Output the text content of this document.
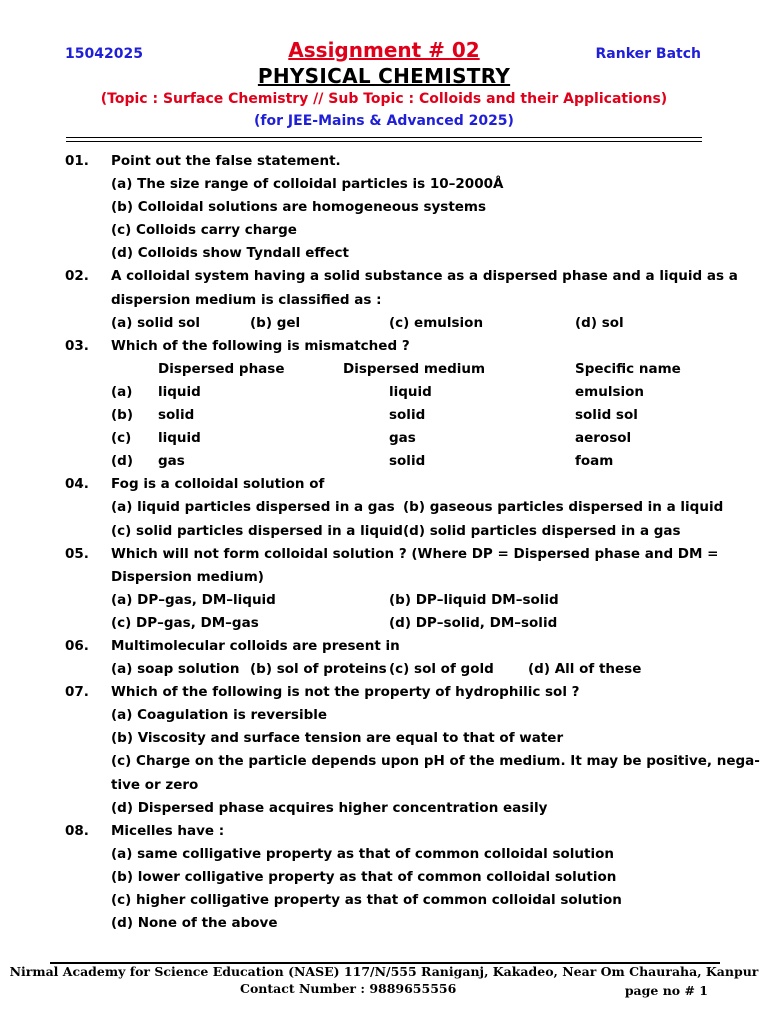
15042025	Ranker Batch
Assignment # 02
PHYSICAL CHEMISTRY
(Topic : Surface Chemistry // Sub Topic : Colloids and their Applications)
(for JEE-Mains & Advanced 2025)
01. Point out the false statement.
(a) The size range of colloidal particles is 10–2000Å
(b) Colloidal solutions are homogeneous systems
(c) Colloids carry charge
(d) Colloids show Tyndall effect
02. A colloidal system having a solid substance as a dispersed phase and a liquid as a
dispersion medium is classified as :
(a) solid sol	(b) gel	(c) emulsion	(d) sol
03. Which of the following is mismatched ?
Dispersed phase	Dispersed medium	Specific name
(a) liquid	liquid	emulsion
(b) solid	solid	solid sol
(c) liquid	gas	aerosol
(d) gas	solid	foam
04. Fog is a colloidal solution of
(a) liquid particles dispersed in a gas (b) gaseous particles dispersed in a liquid
(c) solid particles dispersed in a liquid (d) solid particles dispersed in a gas
05. Which will not form colloidal solution ? (Where DP = Dispersed phase and DM =
Dispersion medium)
(a) DP–gas, DM–liquid	(b) DP–liquid DM–solid
(c) DP–gas, DM–gas	(d) DP–solid, DM–solid
06. Multimolecular colloids are present in
(a) soap solution (b) sol of proteins (c) sol of gold	(d) All of these
07. Which of the following is not the property of hydrophilic sol ?
(a) Coagulation is reversible
(b) Viscosity and surface tension are equal to that of water
(c) Charge on the particle depends upon pH of the medium. It may be positive, nega-
tive or zero
(d) Dispersed phase acquires higher concentration easily
08. Micelles have :
(a) same colligative property as that of common colloidal solution
(b) lower colligative property as that of common colloidal solution
(c) higher colligative property as that of common colloidal solution
(d) None of the above
Nirmal Academy for Science Education (NASE) 117/N/555 Raniganj, Kakadeo, Near Om Chauraha, Kanpur
Contact Number : 9889655556	page no # 1
